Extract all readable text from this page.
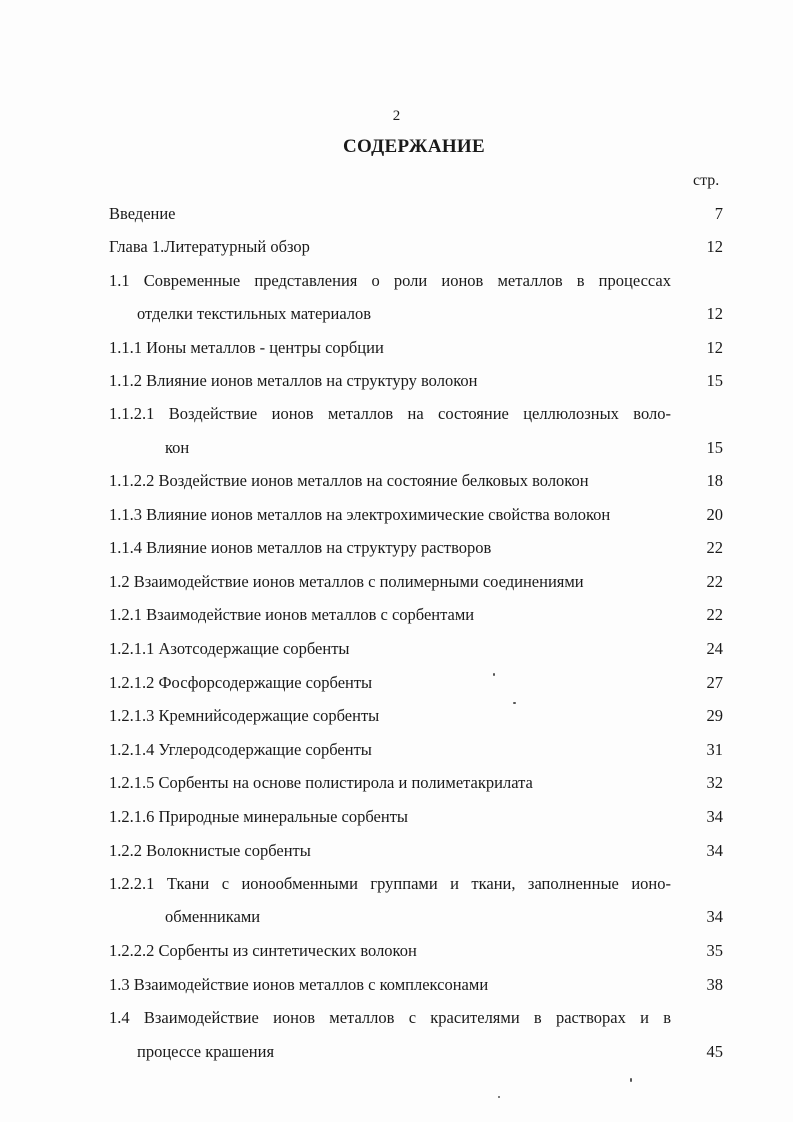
2
СОДЕРЖАНИЕ
стр.
Введение	7
Глава 1.Литературный обзор	12
1.1 Современные представления о роли ионов металлов в процессах
отделки текстильных материалов	12
1.1.1 Ионы металлов - центры сорбции	12
1.1.2 Влияние ионов металлов на структуру волокон	15
1.1.2.1 Воздействие ионов металлов на состояние целлюлозных воло-
кон	15
1.1.2.2 Воздействие ионов металлов на состояние белковых волокон	18
1.1.3 Влияние ионов металлов на электрохимические свойства волокон	20
1.1.4 Влияние ионов металлов на структуру растворов	22
1.2 Взаимодействие ионов металлов с полимерными соединениями	22
1.2.1 Взаимодействие ионов металлов с сорбентами	22
1.2.1.1 Азотсодержащие сорбенты	24
1.2.1.2 Фосфорсодержащие сорбенты	27
1.2.1.3 Кремнийсодержащие сорбенты	29
1.2.1.4 Углеродсодержащие сорбенты	31
1.2.1.5 Сорбенты на основе полистирола и полиметакрилата	32
1.2.1.6 Природные минеральные сорбенты	34
1.2.2 Волокнистые сорбенты	34
1.2.2.1 Ткани с ионообменными группами и ткани, заполненные ионо-
обменниками	34
1.2.2.2 Сорбенты из синтетических волокон	35
1.3 Взаимодействие ионов металлов с комплексонами	38
1.4 Взаимодействие ионов металлов с красителями в растворах и в
процессе крашения	45
